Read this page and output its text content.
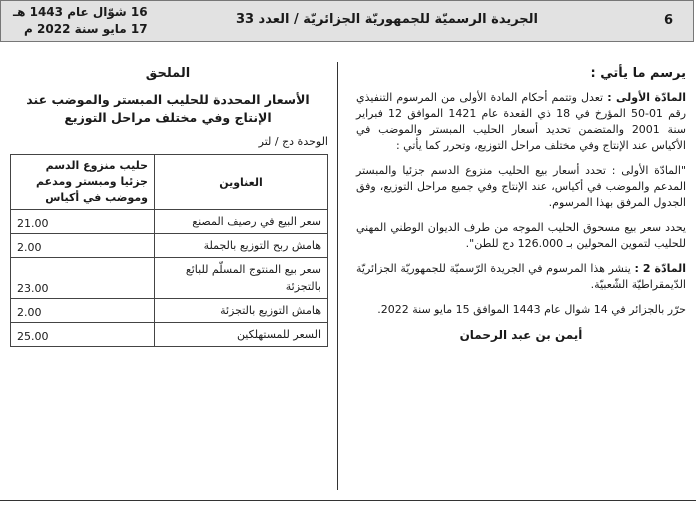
6
الجريدة الرسميّة للجمهوريّة الجزائريّة / العدد 33
16 شوّال عام 1443 هـ
17 مايو سنة 2022 م
يرسم ما يأتي :

المادّة الأولى : تعدل وتتمم أحكام المادة الأولى من المرسوم التنفيذي رقم 01-50 المؤرخ في 18 ذي القعدة عام 1421 الموافق 12 فبراير سنة 2001 والمتضمن تحديد أسعار الحليب المبستر والموضب في الأكياس عند الإنتاج وفي مختلف مراحل التوزيع، وتحرر كما يأتي :

"المادّة الأولى : تحدد أسعار بيع الحليب منزوع الدسم جزئيا والمبستر المدعم والموضب في أكياس، عند الإنتاج وفي جميع مراحل التوزيع، وفق الجدول المرفق بهذا المرسوم.

يحدد سعر بيع مسحوق الحليب الموجه من طرف الديوان الوطني المهني للحليب لتموين المحولين بـ 126.000 دج للطن".

المادّة 2 : ينشر هذا المرسوم في الجريدة الرّسميّة للجمهوريّة الجزائريّة الدّيمقراطيّة الشّعبيّة.

حرّر بالجزائر في 14 شوال عام 1443 الموافق 15 مايو سنة 2022.

أيمن بن عبد الرحمان
الملحق
الأسعار المحددة للحليب المبستر والموضب عند الإنتاج وفي مختلف مراحل التوزيع
الوحدة دج / لتر
العناوين	حليب منزوع الدسم جزئيا ومبستر ومدعم وموضب في أكياس
سعر البيع في رصيف المصنع	21.00
هامش ربح التوزيع بالجملة	2.00
سعر بيع المنتوج المسلّم للبائع بالتجزئة	23.00
هامش التوزيع بالتجزئة	2.00
السعر للمستهلكين	25.00
